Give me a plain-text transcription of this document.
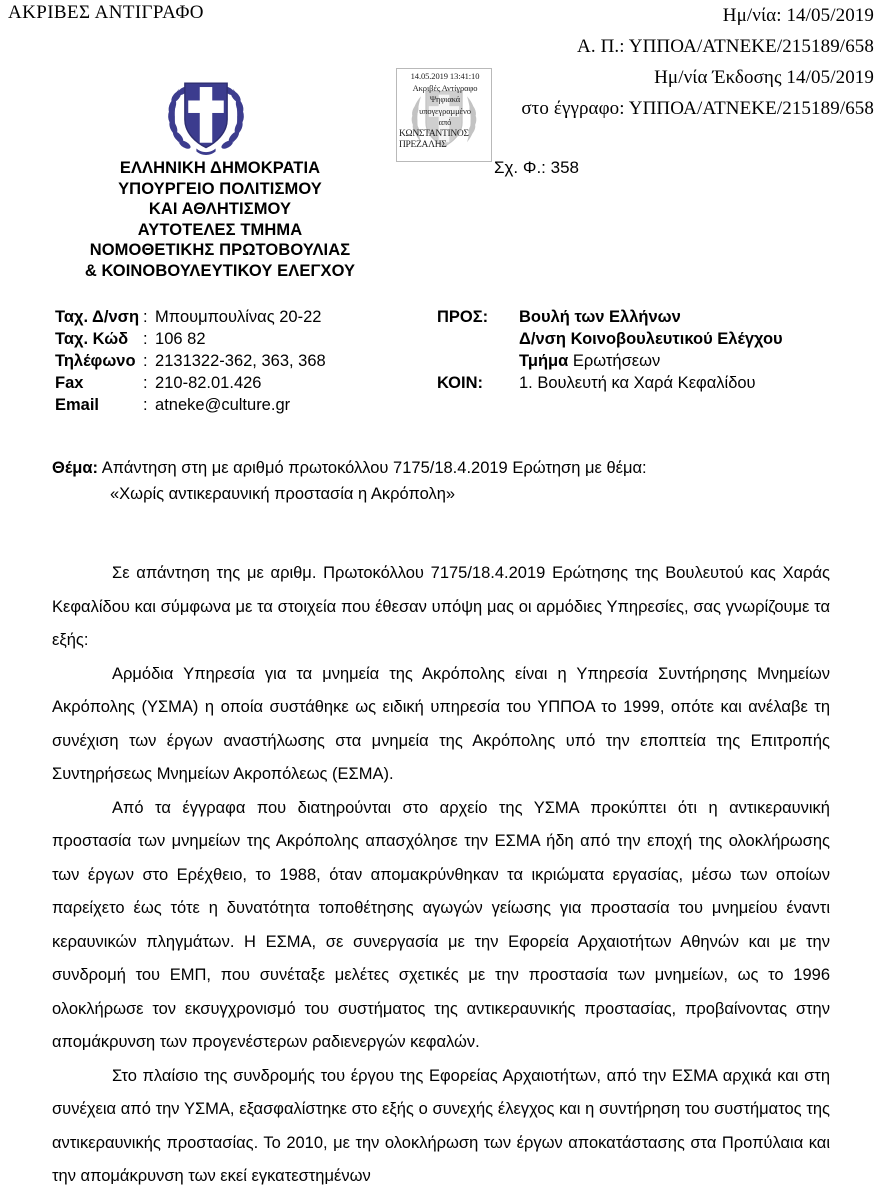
ΑΚΡΙΒΕΣ ΑΝΤΙΓΡΑΦΟ	Ημ/νία: 14/05/2019
Α. Π.: ΥΠΠΟΑ/ΑΤΝΕΚΕ/215189/658
Ημ/νία Έκδοσης 14/05/2019
στο έγγραφο: ΥΠΠΟΑ/ΑΤΝΕΚΕ/215189/658
14.05.2019 13:41:10
Ακριβές Αντίγραφο
Ψηφιακά
υπογεγραμμένο
από
ΚΩΝΣΤΑΝΤΙΝΟΣ
ΠΡΕΖΑΛΗΣ
Σχ. Φ.: 358
ΕΛΛΗΝΙΚΗ ΔΗΜΟΚΡΑΤΙΑ
ΥΠΟΥΡΓΕΙΟ ΠΟΛΙΤΙΣΜΟΥ
ΚΑΙ ΑΘΛΗΤΙΣΜΟΥ
ΑΥΤΟΤΕΛΕΣ ΤΜΗΜΑ
ΝΟΜΟΘΕΤΙΚΗΣ ΠΡΩΤΟΒΟΥΛΙΑΣ
& ΚΟΙΝΟΒΟΥΛΕΥΤΙΚΟΥ ΕΛΕΓΧΟΥ
Ταχ. Δ/νση	:	Μπουμπουλίνας 20-22
Ταχ. Κώδ	:	106 82
Τηλέφωνο	:	2131322-362, 363, 368
Fax	:	210-82.01.426
Email	:	atneke@culture.gr
ΠΡΟΣ:	Βουλή των Ελλήνων
	Δ/νση Κοινοβουλευτικού Ελέγχου
	Τμήμα Ερωτήσεων
ΚΟΙΝ:	1. Βουλευτή κα Χαρά Κεφαλίδου
Θέμα: Απάντηση στη με αριθμό πρωτοκόλλου 7175/18.4.2019 Ερώτηση με θέμα:
«Χωρίς αντικεραυνική προστασία η Ακρόπολη»

Σε απάντηση της με αριθμ. Πρωτοκόλλου 7175/18.4.2019 Ερώτησης της Βουλευτού κας Χαράς Κεφαλίδου και σύμφωνα με τα στοιχεία που έθεσαν υπόψη μας οι αρμόδιες Υπηρεσίες, σας γνωρίζουμε τα εξής:

Αρμόδια Υπηρεσία για τα μνημεία της Ακρόπολης είναι η Υπηρεσία Συντήρησης Μνημείων Ακρόπολης (ΥΣΜΑ) η οποία συστάθηκε ως ειδική υπηρεσία του ΥΠΠΟΑ το 1999, οπότε και ανέλαβε τη συνέχιση των έργων αναστήλωσης στα μνημεία της Ακρόπολης υπό την εποπτεία της Επιτροπής Συντηρήσεως Μνημείων Ακροπόλεως (ΕΣΜΑ).

Από τα έγγραφα που διατηρούνται στο αρχείο της ΥΣΜΑ προκύπτει ότι η αντικεραυνική προστασία των μνημείων της Ακρόπολης απασχόλησε την ΕΣΜΑ ήδη από την εποχή της ολοκλήρωσης των έργων στο Ερέχθειο, το 1988, όταν απομακρύνθηκαν τα ικριώματα εργασίας, μέσω των οποίων παρείχετο έως τότε η δυνατότητα τοποθέτησης αγωγών γείωσης για προστασία του μνημείου έναντι κεραυνικών πληγμάτων. Η ΕΣΜΑ, σε συνεργασία με την Εφορεία Αρχαιοτήτων Αθηνών και με την συνδρομή του ΕΜΠ, που συνέταξε μελέτες σχετικές με την προστασία των μνημείων, ως το 1996 ολοκλήρωσε τον εκσυγχρονισμό του συστήματος της αντικεραυνικής προστασίας, προβαίνοντας στην απομάκρυνση των προγενέστερων ραδιενεργών κεφαλών.

Στο πλαίσιο της συνδρομής του έργου της Εφορείας Αρχαιοτήτων, από την ΕΣΜΑ αρχικά και στη συνέχεια από την ΥΣΜΑ, εξασφαλίστηκε στο εξής ο συνεχής έλεγχος και η συντήρηση του συστήματος της αντικεραυνικής προστασίας. Το 2010, με την ολοκλήρωση των έργων αποκατάστασης στα Προπύλαια και την απομάκρυνση των εκεί εγκατεστημένων
